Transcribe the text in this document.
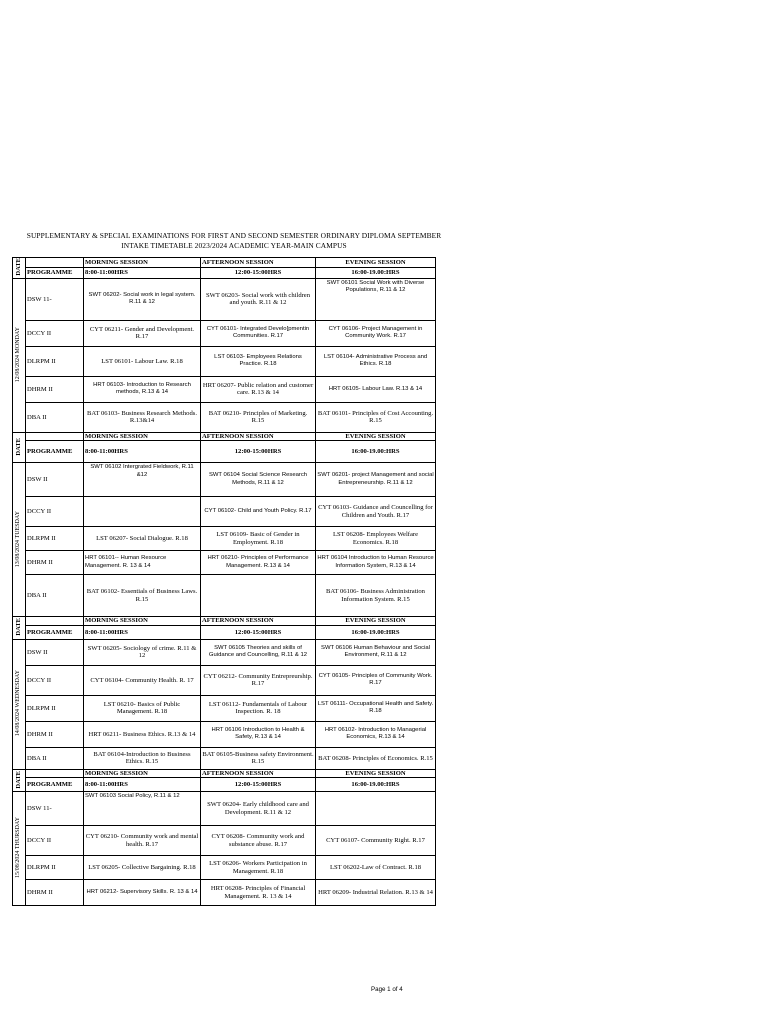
SUPPLEMENTARY & SPECIAL EXAMINATIONS FOR FIRST AND SECOND SEMESTER ORDINARY DIPLOMA SEPTEMBER
INTAKE TIMETABLE 2023/2024 ACADEMIC YEAR-MAIN CAMPUS
DATE		MORNING SESSION	AFTERNOON SESSION	EVENING SESSION
	PROGRAMME	8:00-11:00HRS	12:00-15:00HRS	16:00-19.00:HRS
12/08/2024 MONDAY	DSW 11-	SWT 06202- Social work in legal system. R.11 & 12	SWT 06203- Social work with children and youth. R.11 & 12	SWT 06101 Social Work with Diverse Populations, R.11 & 12
	DCCY II	CYT 06211- Gender and Development. R.17	CYT 06101- Integrated Develo[pmentin Communities. R.17	CYT 06106- Project Management in Community Work. R.17
	DLRPM II	LST 06101- Labour Law. R.18	LST 06103- Employees Relations Practice. R.18	LST 06104- Administrative Process and Ethics. R.18
	DHRM II	HRT 06103- Introduction to Research methods, R.13 & 14	HRT 06207- Public relation and customer care. R.13 & 14	HRT 06105- Labour Law. R.13 & 14
	DBA II	BAT 06103- Business Research Methods. R.13&14	BAT 06210- Principles of Marketing. R.15	BAT 06101- Principles of Cost Accounting. R.15
DATE		MORNING SESSION	AFTERNOON SESSION	EVENING SESSION
	PROGRAMME	8:00-11:00HRS	12:00-15:00HRS	16:00-19.00:HRS
13/08/2024 TUESDAY	DSW II	SWT 06102 Intergrated Fieldwork, R.11 &12	SWT 06104 Social Science Research Methods, R.11 & 12	SWT 06201- project Management and social Entrepreneurship. R.11 & 12
	DCCY II		CYT 06102- Child and Youth Policy. R.17	CYT 06103- Guidance and Councelling for Children and Youth. R.17
	DLRPM II	LST 06207- Social Dialogue. R.18	LST 06109- Basic of Gender in Employment. R.18	LST 06208- Employees Welfare Economics. R.18
	DHRM II	HRT 06101-- Human Resource Management. R. 13 & 14	HRT 06210- Principles of Performance Management. R.13 & 14	HRT 06104 Introduction to Human Resource Information System, R.13 & 14
	DBA II	BAT 06102- Essentials of Business Laws. R.15		BAT 06106- Business Administration Information System. R.15
DATE		MORNING SESSION	AFTERNOON SESSION	EVENING SESSION
	PROGRAMME	8:00-11:00HRS	12:00-15:00HRS	16:00-19.00:HRS
14/08/2024 WEDNESDAY	DSW II	SWT 06205- Sociology of crime. R.11 & 12	SWT 06105 Theories and skills of Guidance and Councelling, R.11 & 12	SWT 06106 Human Behaviour and Social Environment, R.11 & 12
	DCCY II	CYT 06104- Community Health. R. 17	CYT 06212- Community Entrepreurship. R.17	CYT 06105- Principles of Community Work. R.17
	DLRPM II	LST 06210- Basics of Public Management. R.18	LST 06112- Fundamentals of Labour Inspection. R. 18	LST 06111- Occupational Health and Safety. R.18
	DHRM II	HRT 06211- Business Ethics. R.13 & 14	HRT 06106 Introduction to Health & Safety, R.13 & 14	HRT 06102- Introduction to Managerial Economics, R.13 & 14
	DBA II	BAT 06104-Introduction to Business Ethics. R.15	BAT 06105-Business safety Environment. R.15	BAT 06208- Principles of Economics. R.15
DATE		MORNING SESSION	AFTERNOON SESSION	EVENING SESSION
	PROGRAMME	8:00-11:00HRS	12:00-15:00HRS	16:00-19.00:HRS
15/08/2024 THURSDAY	DSW 11-	SWT 06103 Social Policy, R.11 & 12	SWT 06204- Early childhood care and Development. R.11 & 12	
	DCCY II	CYT 06210- Community work and mental health. R.17	CYT 06208- Community work and substance abuse. R.17	CYT 06107- Community Right. R.17
	DLRPM II	LST 06205- Collective Bargaining. R.18	LST 06206- Workers Participation in Management. R.18	LST 06202-Law of Contract. R.18
	DHRM II	HRT 06212- Supervisory Skills. R. 13 & 14	HRT 06208- Principles of Financial Management. R. 13 & 14	HRT 06209- Industrial Relation. R.13 & 14
Page 1 of 4
